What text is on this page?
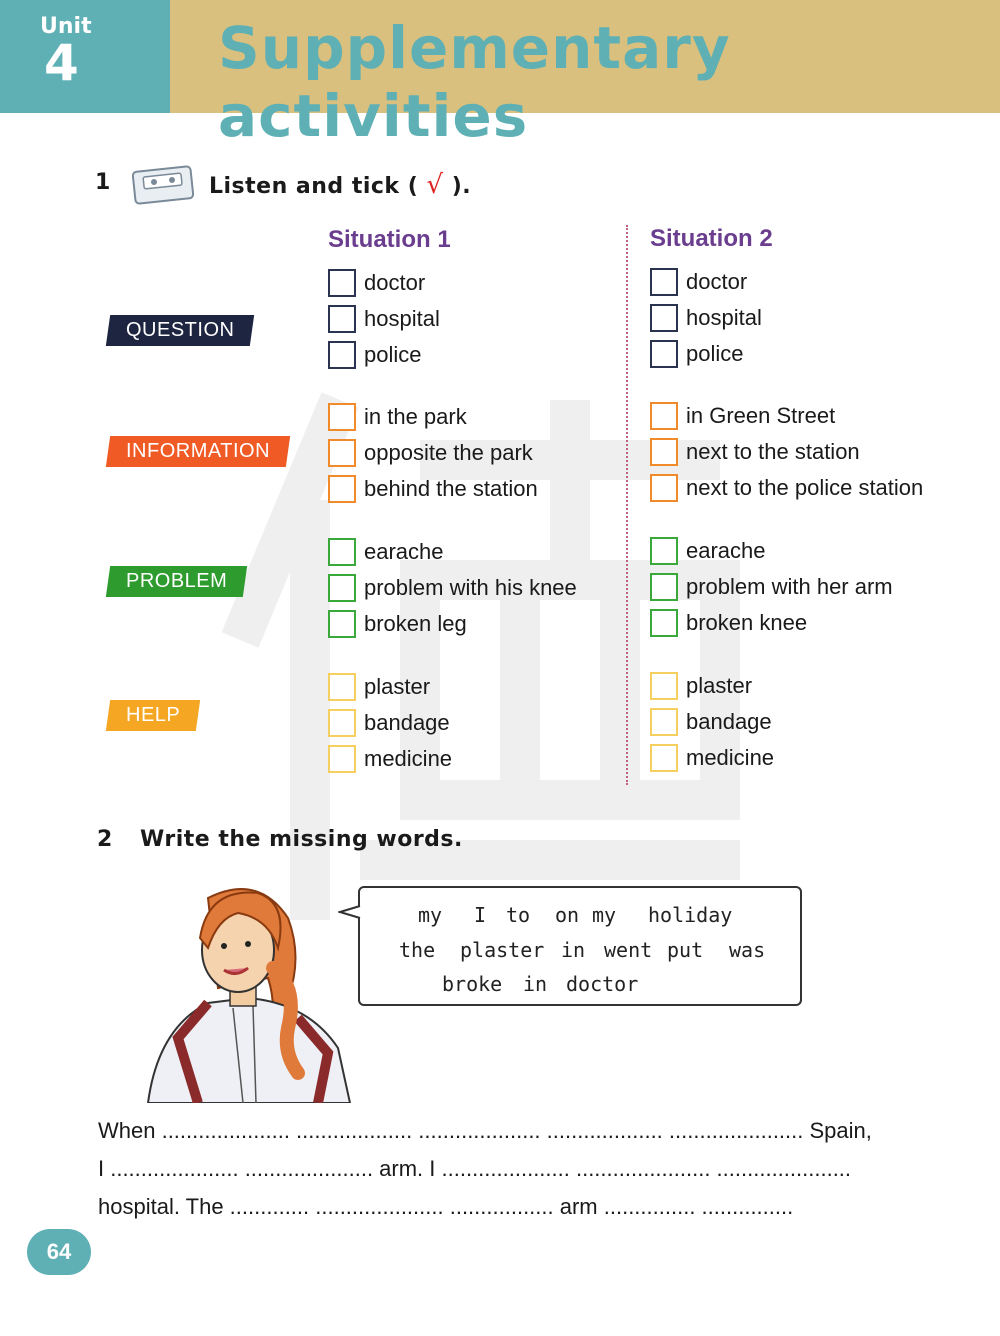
Unit
4 Supplementary activities
1	Listen and tick ( √ ).
Situation 1	Situation 2
QUESTION
INFORMATION
PROBLEM
HELP
doctor
hospital
police
in the park
opposite the park
behind the station
earache
problem with his knee
broken leg
plaster
bandage
medicine
doctor
hospital
police
in Green Street
next to the station
next to the police station
earache
problem with her arm
broken knee
plaster
bandage
medicine
2 Write the missing words.
my I to on my holiday
the plaster in went put was
broke in doctor
When ..................... ................... .................... ................... ...................... Spain,
I ..................... ..................... arm. I ..................... ...................... ......................
hospital. The ............. ..................... ................. arm ............... ...............
64
